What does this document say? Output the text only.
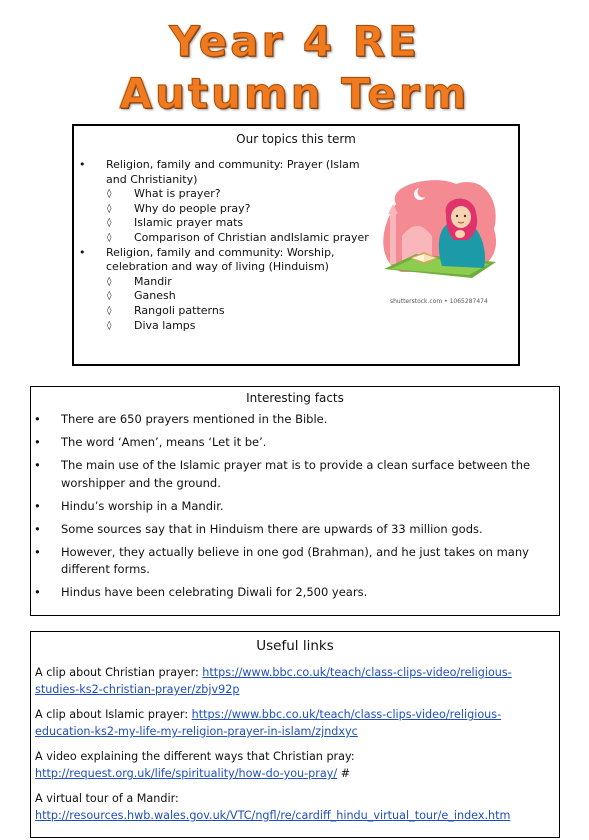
Year 4 RE
Autumn Term
Our topics this term
• Religion, family and community: Prayer (Islam and Christianity)
◊ What is prayer?
◊ Why do people pray?
◊ Islamic prayer mats
◊ Comparison of Christian andIslamic prayer
• Religion, family and community: Worship, celebration and way of living (Hinduism)
◊ Mandir
◊ Ganesh
◊ Rangoli patterns
◊ Diva lamps
shutterstock.com • 1065287474
Interesting facts
• There are 650 prayers mentioned in the Bible.
• The word ‘Amen’, means ‘Let it be’.
• The main use of the Islamic prayer mat is to provide a clean surface between the worshipper and the ground.
• Hindu’s worship in a Mandir.
• Some sources say that in Hinduism there are upwards of 33 million gods.
• However, they actually believe in one god (Brahman), and he just takes on many different forms.
• Hindus have been celebrating Diwali for 2,500 years.
Useful links
A clip about Christian prayer: https://www.bbc.co.uk/teach/class-clips-video/religious-studies-ks2-christian-prayer/zbjv92p
A clip about Islamic prayer: https://www.bbc.co.uk/teach/class-clips-video/religious-education-ks2-my-life-my-religion-prayer-in-islam/zjndxyc
A video explaining the different ways that Christian pray: http://request.org.uk/life/spirituality/how-do-you-pray/ #
A virtual tour of a Mandir: http://resources.hwb.wales.gov.uk/VTC/ngfl/re/cardiff_hindu_virtual_tour/e_index.htm
